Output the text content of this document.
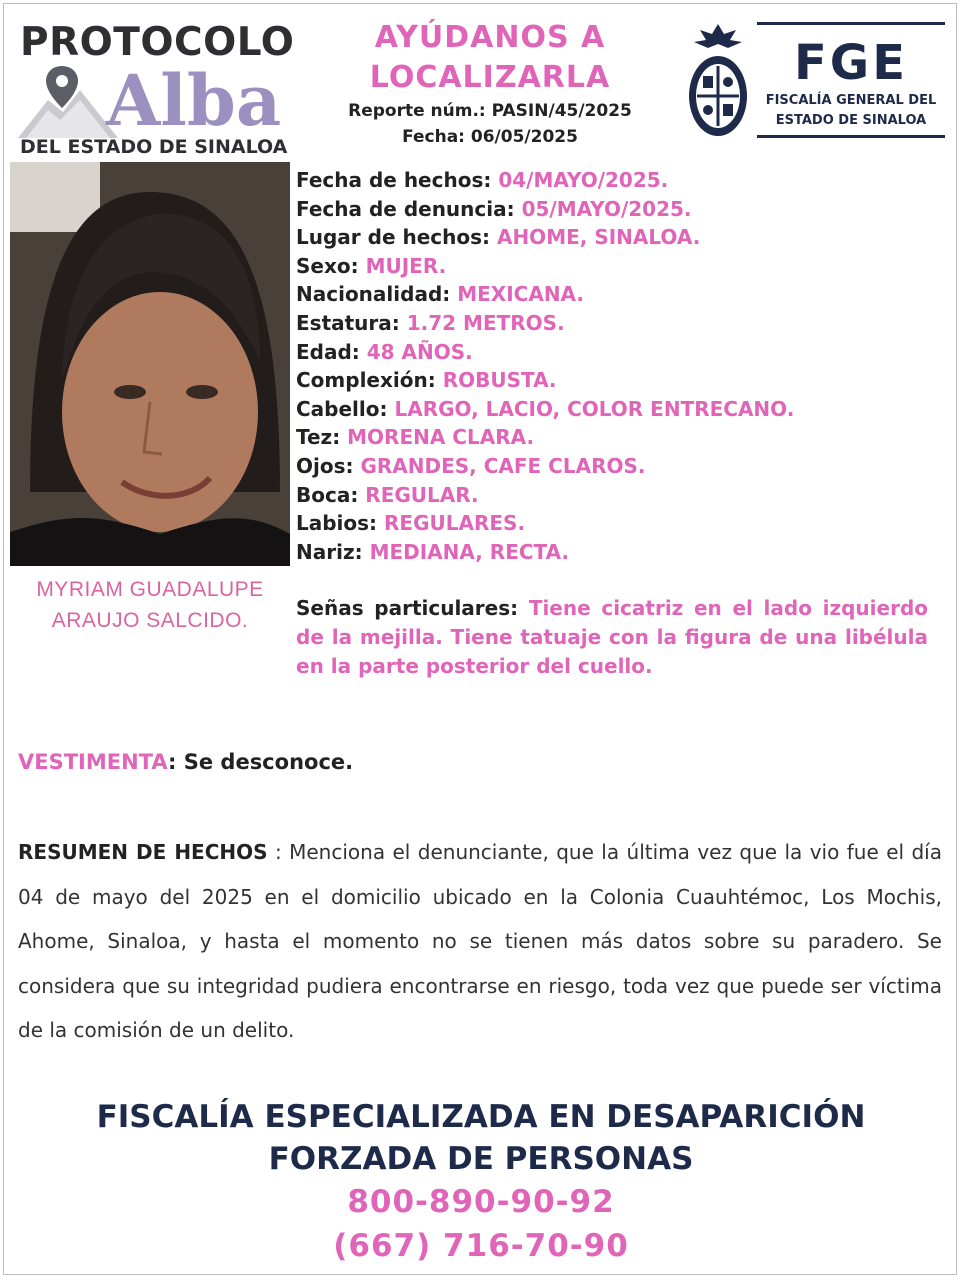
PROTOCOLO
Alba
DEL ESTADO DE SINALOA
AYÚDANOS A
LOCALIZARLA
Reporte núm.: PASIN/45/2025
Fecha: 06/05/2025
FGE
FISCALÍA GENERAL DEL
ESTADO DE SINALOA
MYRIAM GUADALUPE
ARAUJO SALCIDO.
Fecha de hechos: 04/MAYO/2025.
Fecha de denuncia: 05/MAYO/2025.
Lugar de hechos: AHOME, SINALOA.
Sexo: MUJER.
Nacionalidad: MEXICANA.
Estatura: 1.72 METROS.
Edad: 48 AÑOS.
Complexión: ROBUSTA.
Cabello: LARGO, LACIO, COLOR ENTRECANO.
Tez: MORENA CLARA.
Ojos: GRANDES, CAFE CLAROS.
Boca: REGULAR.
Labios: REGULARES.
Nariz: MEDIANA, RECTA.
Señas particulares: Tiene cicatriz en el lado izquierdo de la mejilla. Tiene tatuaje con la figura de una libélula en la parte posterior del cuello.
VESTIMENTA: Se desconoce.
RESUMEN DE HECHOS : Menciona el denunciante, que la última vez que la vio fue el día 04 de mayo del 2025 en el domicilio ubicado en la Colonia Cuauhtémoc, Los Mochis, Ahome, Sinaloa, y hasta el momento no se tienen más datos sobre su paradero. Se considera que su integridad pudiera encontrarse en riesgo, toda vez que puede ser víctima de la comisión de un delito.
FISCALÍA ESPECIALIZADA EN DESAPARICIÓN
FORZADA DE PERSONAS
800-890-90-92
(667) 716-70-90
